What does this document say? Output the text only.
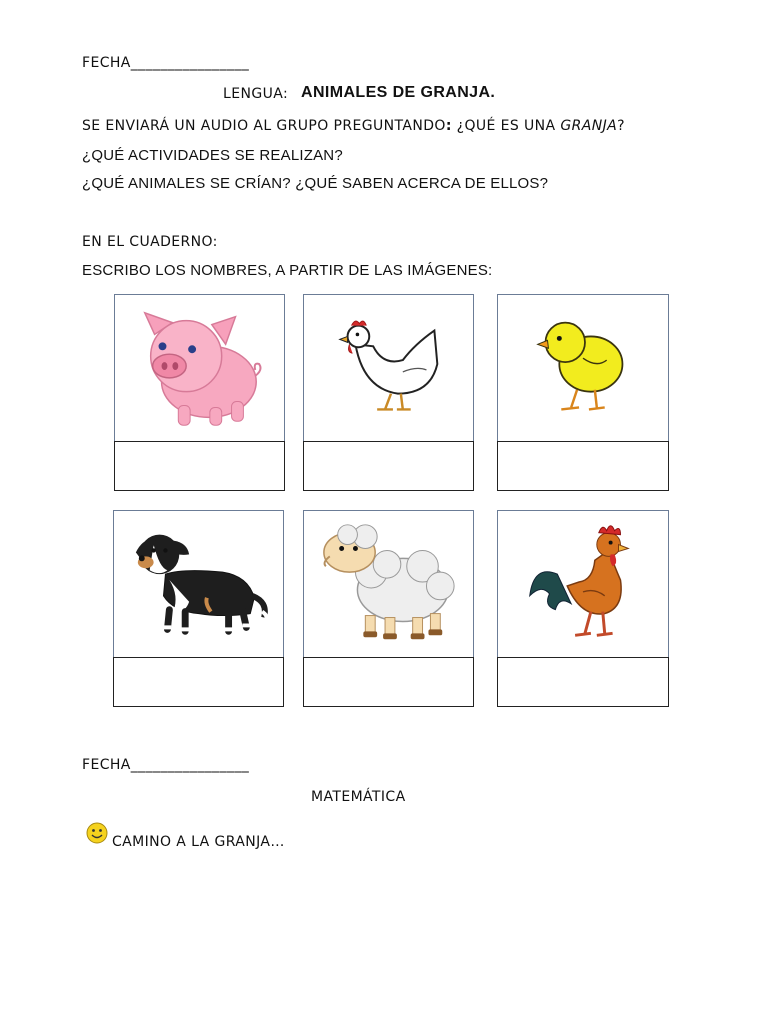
FECHA________________
LENGUA: ANIMALES DE GRANJA.
SE ENVIARÁ UN AUDIO AL GRUPO PREGUNTANDO: ¿QUÉ ES UNA GRANJA?
¿QUÉ ACTIVIDADES SE REALIZAN?
¿QUÉ ANIMALES SE CRÍAN? ¿QUÉ SABEN ACERCA DE ELLOS?
EN EL CUADERNO:
ESCRIBO LOS NOMBRES, A PARTIR DE LAS IMÁGENES:
FECHA________________
MATEMÁTICA
CAMINO A LA GRANJA…
